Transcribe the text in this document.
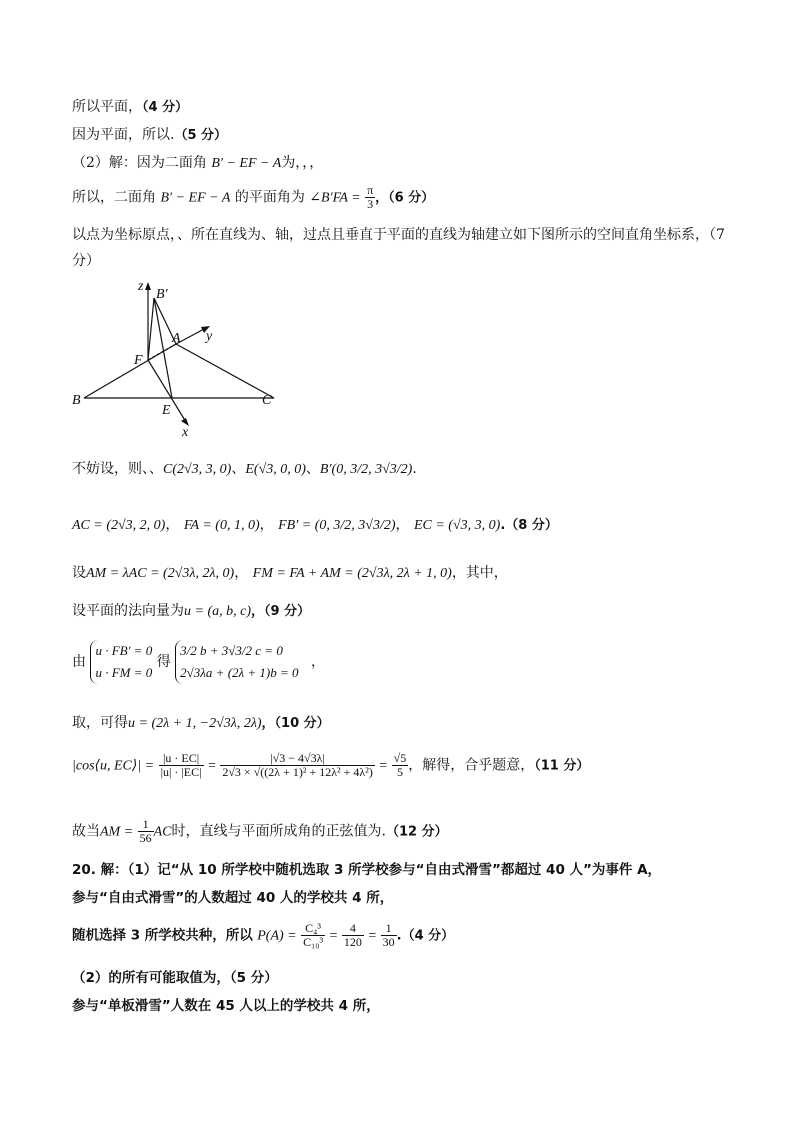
所以平面，（4 分）
因为平面，所以.（5 分）
（2）解：因为二面角 B′ − EF − A为，，，
所以，二面角 B′ − EF − A 的平面角为 ∠B′FA = $\frac{\pi}{3}$ ，（6 分）
以点为坐标原点，、所在直线为、轴，过点且垂直于平面的直线为轴建立如下图所示的空间直角坐标系，（7 分）
z
B′
A y
F
B
E
C
x
不妨设，则、、C(2√3, 3, 0)、E(√3, 0, 0)、B′(0, 3/2, 3√3/2).
AC = (2√3, 2, 0)， FA = (0, 1, 0)， FB′ = (0, 3/2, 3√3/2)， EC = (√3, 3, 0).（8 分）
设AM = λAC = (2√3λ, 2λ, 0)， FM = FA + AM = (2√3λ, 2λ + 1, 0)，其中，
设平面的法向量为u = (a, b, c)，（9 分）
由
u · FB′ = 0
u · FM = 0
得
3/2 b + 3√3/2 c = 0
2√3λa + (2λ + 1)b = 0
，
取，可得u = (2λ + 1, −2√3λ, 2λ)，（10 分）
|cos⟨u, EC⟩| = $\frac{|u \cdot EC|}{|u| \cdot |EC|} = \frac{|√3 - 4√3\lambda|}{\text{2√3 × √((2λ + 1)² + 12λ² + 4λ²)}} = \frac{√5}{5}$ ，解得，合乎题意，（11 分）
故当AM = $\frac{1}{56}$ AC时，直线与平面所成角的正弦值为.（12 分）
20. 解：（1）记“从 10 所学校中随机选取 3 所学校参与“自由式滑雪”都超过 40 人”为事件 A，
参与“自由式滑雪”的人数超过 40 人的学校共 4 所，
随机选择 3 所学校共种，所以 $P(A) = \frac{\text{C₄³}}{\text{C₁₀³}} = \frac{4}{120} = \frac{1}{30} .(4$ 分）
（2）的所有可能取值为，（5 分）
参与“单板滑雪”人数在 45 人以上的学校共 4 所，
